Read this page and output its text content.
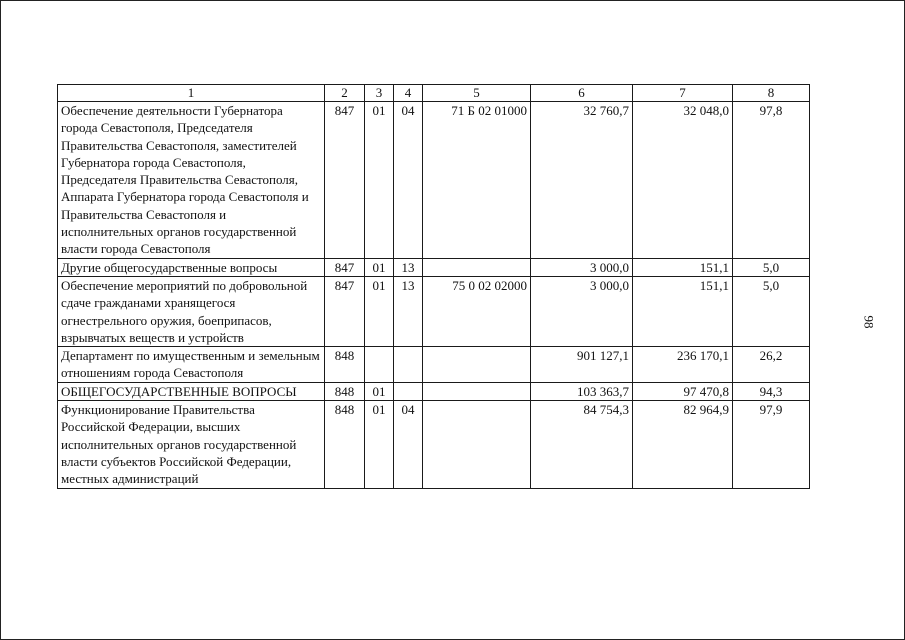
1	2	3	4	5	6	7	8
Обеспечение деятельности Губернатора города Севастополя, Председателя Правительства Севастополя, заместителей Губернатора города Севастополя, Председателя Правительства Севастополя, Аппарата Губернатора города Севастополя и Правительства Севастополя и исполнительных органов государственной власти города Севастополя	847	01	04	71 Б 02 01000	32 760,7	32 048,0	97,8
Другие общегосударственные вопросы	847	01	13		3 000,0	151,1	5,0
Обеспечение мероприятий по добровольной сдаче гражданами хранящегося огнестрельного оружия, боеприпасов, взрывчатых веществ и устройств	847	01	13	75 0 02 02000	3 000,0	151,1	5,0
Департамент по имущественным и земельным отношениям города Севастополя	848				901 127,1	236 170,1	26,2
ОБЩЕГОСУДАРСТВЕННЫЕ ВОПРОСЫ	848	01			103 363,7	97 470,8	94,3
Функционирование Правительства Российской Федерации, высших исполнительных органов государственной власти субъектов Российской Федерации, местных администраций	848	01	04		84 754,3	82 964,9	97,9
98
